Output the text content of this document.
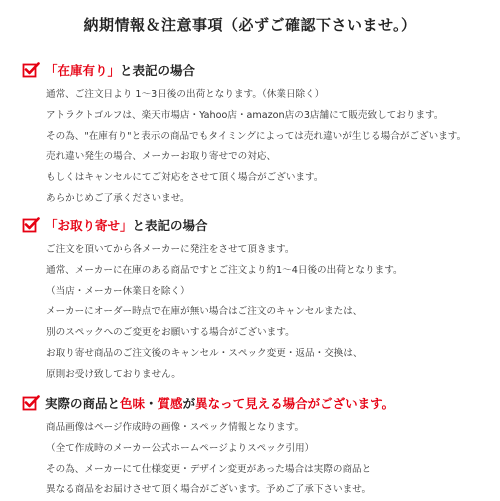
納期情報＆注意事項（必ずご確認下さいませ。）
「在庫有り」 と表記の場合
通常、ご注文日より 1〜3日後の出荷となります。（休業日除く）
アトラクトゴルフは、楽天市場店・Yahoo店・amazon店の3店舗にて販売致しております。
その為、"在庫有り"と表示の商品でもタイミングによっては売れ違いが生じる場合がございます。
売れ違い発生の場合、メーカーお取り寄せでの対応、
もしくはキャンセルにてご対応をさせて頂く場合がございます。
あらかじめご了承くださいませ。
「お取り寄せ」 と表記の場合
ご注文を頂いてから各メーカーに発注をさせて頂きます。
通常、メーカーに在庫のある商品ですとご注文より約1〜4日後の出荷となります。
（当店・メーカー休業日を除く）
メーカーにオーダー時点で在庫が無い場合はご注文のキャンセルまたは、
別のスペックへのご変更をお願いする場合がございます。
お取り寄せ商品のご注文後のキャンセル・スペック変更・返品・交換は、
原則お受け致しておりません。
実際の商品と 色味 ・ 質感 が 異なって見える場合がございます。
商品画像はページ作成時の画像・スペック情報となります。
（全て作成時のメーカー公式ホームページよりスペック引用）
その為、メーカーにて仕様変更・デザイン変更があった場合は実際の商品と
異なる商品をお届けさせて頂く場合がございます。予めご了承下さいませ。
